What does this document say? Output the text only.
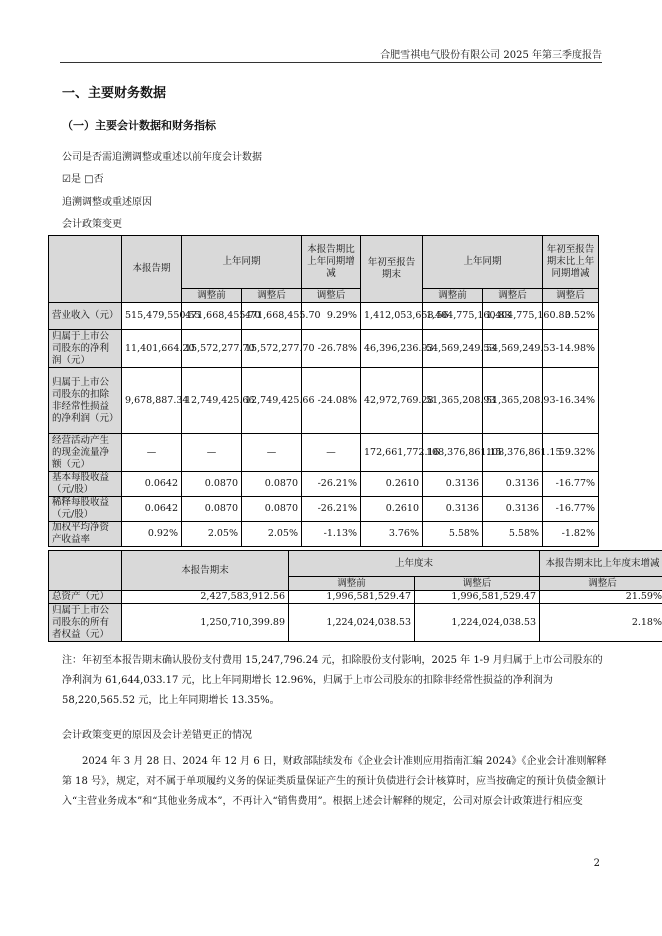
合肥雪祺电气股份有限公司 2025 年第三季度报告
一、主要财务数据
（一）主要会计数据和财务指标
公司是否需追溯调整或重述以前年度会计数据
☑是 □否
追溯调整或重述原因
会计政策变更
	本报告期	上年同期		本报告期比上年同期增减	年初至报告期末	上年同期		年初至报告期末比上年同期增减
		调整前	调整后	调整后		调整前	调整后	调整后
营业收入（元）	515,479,550.55	471,668,455.70	471,668,455.70	9.29%	1,412,053,658.56	1,404,775,160.83	1,404,775,160.83	0.52%
归属于上市公司股东的净利润（元）	11,401,664.20	15,572,277.70	15,572,277.70	-26.78%	46,396,236.93	54,569,249.53	54,569,249.53	-14.98%
归属于上市公司股东的扣除非经常性损益的净利润（元）	9,678,887.34	12,749,425.66	12,749,425.66	-24.08%	42,972,769.28	51,365,208.93	51,365,208.93	-16.34%
经营活动产生的现金流量净额（元）	—	—	—	—	172,661,772.16	108,376,861.15	108,376,861.15	59.32%
基本每股收益（元/股）	0.0642	0.0870	0.0870	-26.21%	0.2610	0.3136	0.3136	-16.77%
稀释每股收益（元/股）	0.0642	0.0870	0.0870	-26.21%	0.2610	0.3136	0.3136	-16.77%
加权平均净资产收益率	0.92%	2.05%	2.05%	-1.13%	3.76%	5.58%	5.58%	-1.82%
	本报告期末	上年度末		本报告期末比上年度末增减
		调整前	调整后	调整后
总资产（元）	2,427,583,912.56	1,996,581,529.47	1,996,581,529.47	21.59%
归属于上市公司股东的所有者权益（元）	1,250,710,399.89	1,224,024,038.53	1,224,024,038.53	2.18%
注：年初至本报告期末确认股份支付费用 15,247,796.24 元，扣除股份支付影响，2025 年 1-9 月归属于上市公司股东的净利润为 61,644,033.17 元，比上年同期增长 12.96%，归属于上市公司股东的扣除非经常性损益的净利润为 58,220,565.52 元，比上年同期增长 13.35%。
会计政策变更的原因及会计差错更正的情况
2024 年 3 月 28 日、2024 年 12 月 6 日，财政部陆续发布《企业会计准则应用指南汇编 2024》《企业会计准则解释第 18 号》，规定，对不属于单项履约义务的保证类质量保证产生的预计负债进行会计核算时，应当按确定的预计负债金额计入“主营业务成本”和“其他业务成本”，不再计入“销售费用”。根据上述会计解释的规定，公司对原会计政策进行相应变
2
